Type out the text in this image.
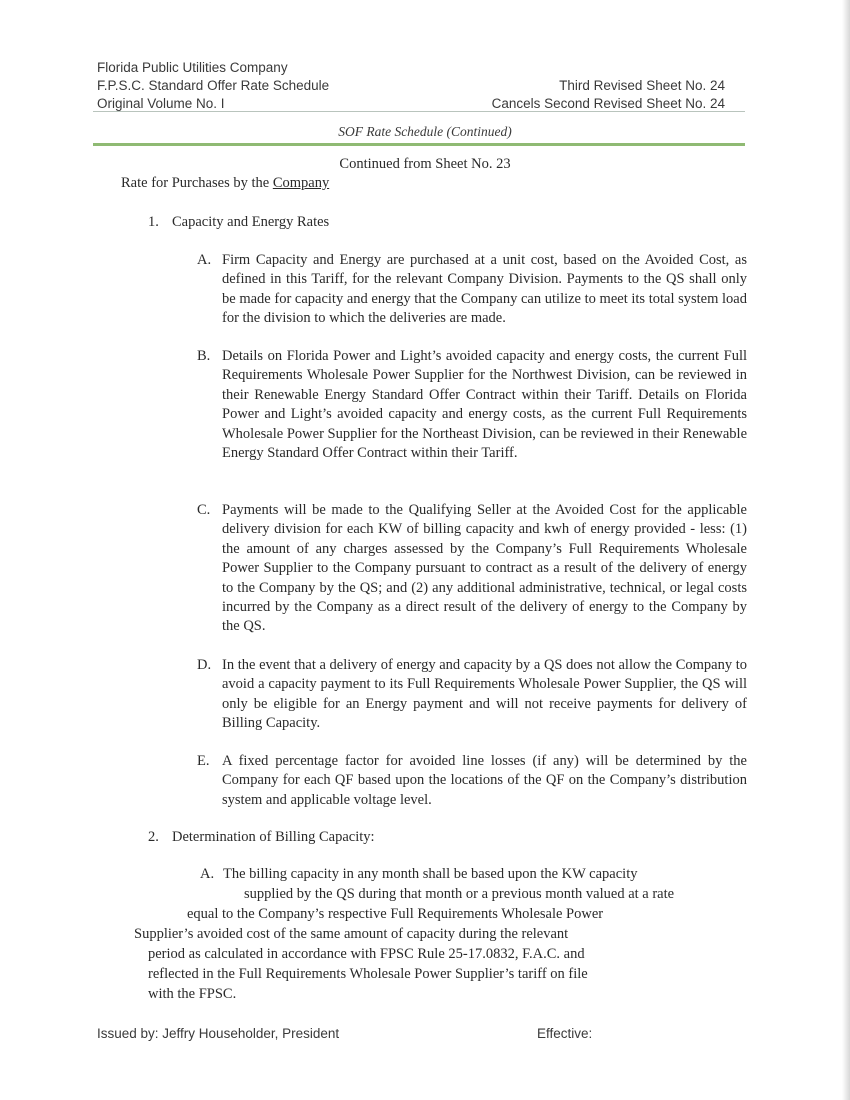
Florida Public Utilities Company
F.P.S.C. Standard Offer Rate Schedule
Original Volume No. I
Third Revised Sheet No. 24
Cancels Second Revised Sheet No. 24
SOF Rate Schedule (Continued)
Continued from Sheet No. 23
Rate for Purchases by the Company
1. Capacity and Energy Rates
A. Firm Capacity and Energy are purchased at a unit cost, based on the Avoided Cost, as defined in this Tariff, for the relevant Company Division. Payments to the QS shall only be made for capacity and energy that the Company can utilize to meet its total system load for the division to which the deliveries are made.
B. Details on Florida Power and Light’s avoided capacity and energy costs, the current Full Requirements Wholesale Power Supplier for the Northwest Division, can be reviewed in their Renewable Energy Standard Offer Contract within their Tariff. Details on Florida Power and Light’s avoided capacity and energy costs, as the current Full Requirements Wholesale Power Supplier for the Northeast Division, can be reviewed in their Renewable Energy Standard Offer Contract within their Tariff.
C. Payments will be made to the Qualifying Seller at the Avoided Cost for the applicable delivery division for each KW of billing capacity and kwh of energy provided - less: (1) the amount of any charges assessed by the Company’s Full Requirements Wholesale Power Supplier to the Company pursuant to contract as a result of the delivery of energy to the Company by the QS; and (2) any additional administrative, technical, or legal costs incurred by the Company as a direct result of the delivery of energy to the Company by the QS.
D. In the event that a delivery of energy and capacity by a QS does not allow the Company to avoid a capacity payment to its Full Requirements Wholesale Power Supplier, the QS will only be eligible for an Energy payment and will not receive payments for delivery of Billing Capacity.
E. A fixed percentage factor for avoided line losses (if any) will be determined by the Company for each QF based upon the locations of the QF on the Company’s distribution system and applicable voltage level.
2. Determination of Billing Capacity:
A. The billing capacity in any month shall be based upon the KW capacity
supplied by the QS during that month or a previous month valued at a rate
equal to the Company’s respective Full Requirements Wholesale Power
Supplier’s avoided cost of the same amount of capacity during the relevant
period as calculated in accordance with FPSC Rule 25-17.0832, F.A.C. and
reflected in the Full Requirements Wholesale Power Supplier’s tariff on file
with the FPSC.
Issued by: Jeffry Householder, President	Effective:
